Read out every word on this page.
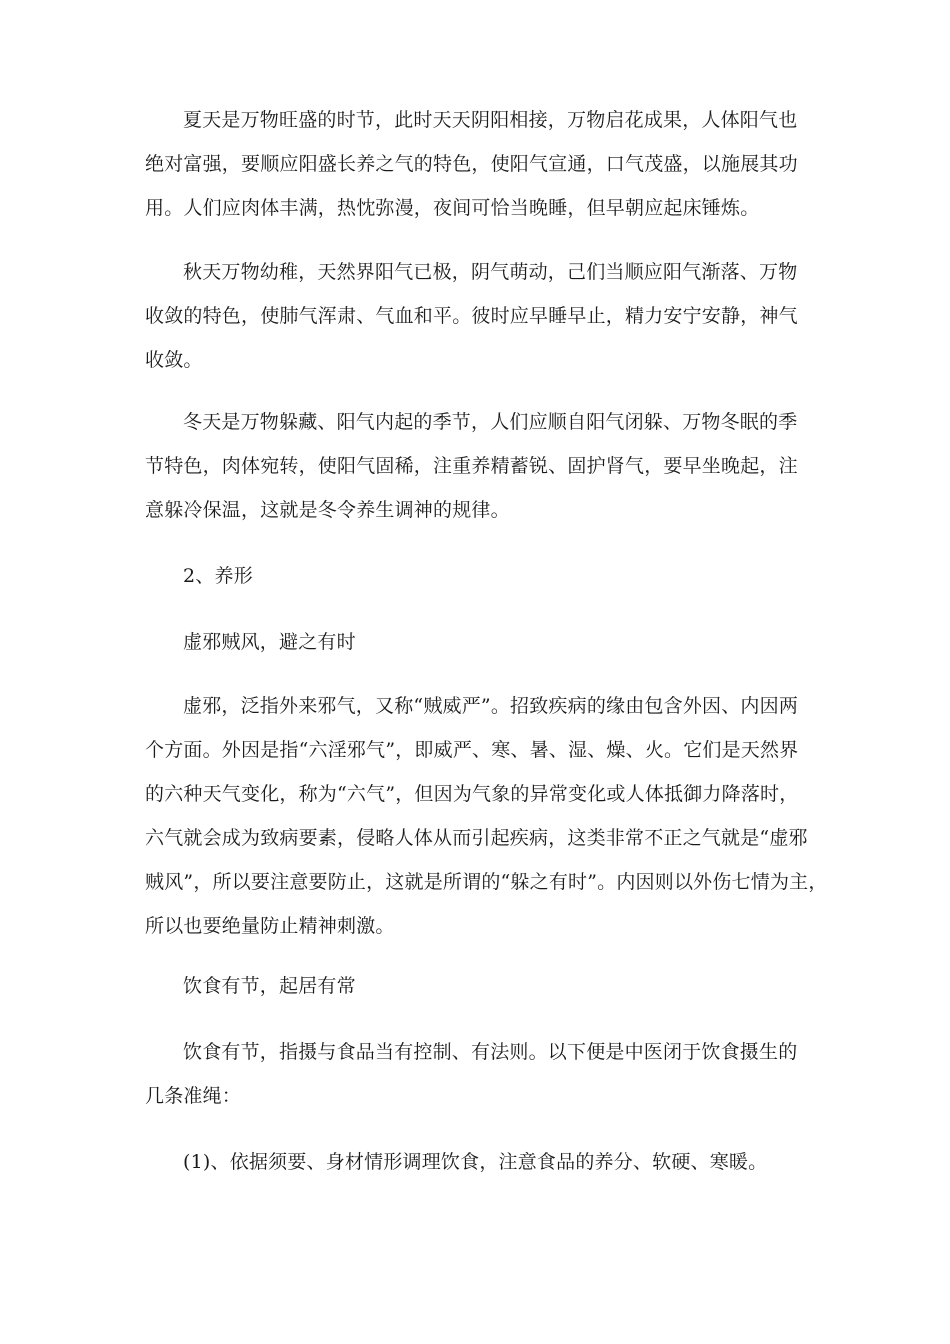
夏天是万物旺盛的时节，此时天天阴阳相接，万物启花成果，人体阳气也
绝对富强，要顺应阳盛长养之气的特色，使阳气宣通，口气茂盛，以施展其功
用。人们应肉体丰满，热忱弥漫，夜间可恰当晚睡，但早朝应起床锤炼。
秋天万物幼稚，天然界阳气已极，阴气萌动，己们当顺应阳气渐落、万物
收敛的特色，使肺气浑肃、气血和平。彼时应早睡早止，精力安宁安静，神气
收敛。
冬天是万物躲藏、阳气内起的季节，人们应顺自阳气闭躲、万物冬眠的季
节特色，肉体宛转，使阳气固稀，注重养精蓄锐、固护肾气，要早坐晚起，注
意躲冷保温，这就是冬令养生调神的规律。
2、养形
虚邪贼风，避之有时
虚邪，泛指外来邪气，又称“贼威严”。招致疾病的缘由包含外因、内因两
个方面。外因是指“六淫邪气”，即威严、寒、暑、湿、燥、火。它们是天然界
的六种天气变化，称为“六气”，但因为气象的异常变化或人体抵御力降落时，
六气就会成为致病要素，侵略人体从而引起疾病，这类非常不正之气就是“虚邪
贼风”，所以要注意要防止，这就是所谓的“躲之有时”。内因则以外伤七情为主，
所以也要绝量防止精神刺激。
饮食有节，起居有常
饮食有节，指摄与食品当有控制、有法则。以下便是中医闭于饮食摄生的
几条准绳：
(1)、依据须要、身材情形调理饮食，注意食品的养分、软硬、寒暖。
